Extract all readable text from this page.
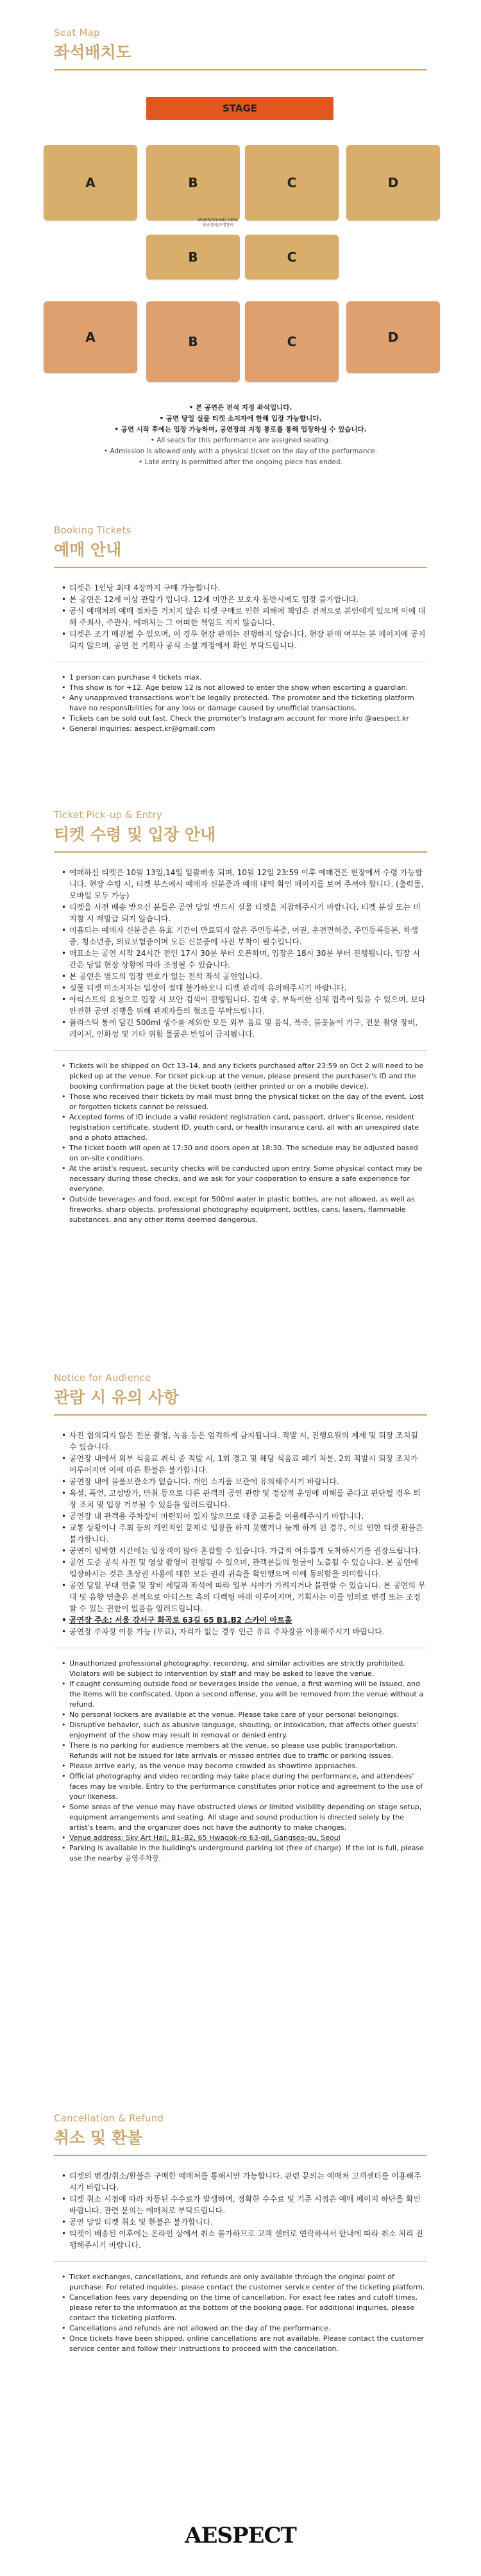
Seat Map
좌석배치도
STAGE
A	B	C	D
MIXER/SOUND_DESK
방송장비/조명장비
B	C
A	B	C	D
• 본 공연은 전석 지정 좌석입니다.
• 공연 당일 실물 티켓 소지자에 한해 입장 가능합니다.
• 공연 시작 후에는 입장 가능하며, 공연장의 지정 통로를 통해 입장하실 수 있습니다.
• All seats for this performance are assigned seating.
• Admission is allowed only with a physical ticket on the day of the performance.
• Late entry is permitted after the ongoing piece has ended.
Booking Tickets
예매 안내
• 티켓은 1인당 최대 4장까지 구매 가능합니다.
• 본 공연은 12세 이상 관람가 입니다. 12세 미만은 보호자 동반시에도 입장 불가합니다.
• 공식 예매처의 예매 절차를 거치지 않은 티켓 구매로 인한 피해에 책임은 전적으로 본인에게 있으며 이에 대해 주최사, 주관사, 예매처는 그 어떠한 책임도 지지 않습니다.
• 티켓은 조기 매진될 수 있으며, 이 경우 현장 판매는 진행하지 않습니다. 현장 판매 여부는 본 페이지에 공지되지 않으며, 공연 전 기획사 공식 소셜 계정에서 확인 부탁드립니다.
• 1 person can purchase 4 tickets max.
• This show is for +12. Age below 12 is not allowed to enter the show when escorting a guardian.
• Any unapproved transactions won't be legally protected. The promoter and the ticketing platform have no responsibilities for any loss or damage caused by unofficial transactions.
• Tickets can be sold out fast. Check the promoter's Instagram account for more info @aespect.kr
• General inquiries: aespect.kr@gmail.com
Ticket Pick-up & Entry
티켓 수령 및 입장 안내
• 예매하신 티켓은 10월 13일,14일 일괄배송 되며, 10월 12일 23:59 이후 예매건은 현장에서 수령 가능합니다. 현장 수령 시, 티켓 부스에서 예매자 신분증과 예매 내역 확인 페이지를 보여 주셔야 합니다. (출력물, 모바일 모두 가능)
• 티켓을 사전 배송 받으신 분들은 공연 당일 반드시 실물 티켓을 지참해주시기 바랍니다. 티켓 분실 또는 미지참 시 재발급 되지 않습니다.
• 미흡되는 예매자 신분증은 유효 기간이 만료되지 않은 주민등록증, 여권, 운전면허증, 주민등록등본, 학생증, 청소년증, 의료보험증이며 모든 신분증에 사진 부착이 필수입니다.
• 매표소는 공연 시작 24시간 전인 17시 30분 부터 오픈하며, 입장은 18시 30분 부터 진행됩니다. 입장 시간은 당일 현장 상황에 따라 조정될 수 있습니다.
• 본 공연은 별도의 입장 번호가 없는 전석 좌석 공연입니다.
• 실물 티켓 미소지자는 입장이 절대 불가하오니 티켓 관리에 유의해주시기 바랍니다.
• 아티스트의 요청으로 입장 시 보안 검색이 진행됩니다. 검색 중, 부득이한 신체 접촉이 있을 수 있으며, 보다 안전한 공연 진행을 위해 관계자들의 협조를 부탁드립니다.
• 플라스틱 통에 담긴 500ml 생수를 제외한 모든 외부 음료 및 음식, 폭죽, 불꽃놀이 기구, 전문 촬영 장비, 레이저, 인화성 및 기타 위험 물품은 반입이 금지됩니다.
• Tickets will be shipped on Oct 13–14, and any tickets purchased after 23:59 on Oct 2 will need to be picked up at the venue. For ticket pick-up at the venue, please present the purchaser's ID and the booking confirmation page at the ticket booth (either printed or on a mobile device).
• Those who received their tickets by mail must bring the physical ticket on the day of the event. Lost or forgotten tickets cannot be reissued.
• Accepted forms of ID include a valid resident registration card, passport, driver's license, resident registration certificate, student ID, youth card, or health insurance card, all with an unexpired date and a photo attached.
• The ticket booth will open at 17:30 and doors open at 18:30. The schedule may be adjusted based on on-site conditions.
• At the artist's request, security checks will be conducted upon entry. Some physical contact may be necessary during these checks, and we ask for your cooperation to ensure a safe experience for everyone.
• Outside beverages and food, except for 500ml water in plastic bottles, are not allowed, as well as fireworks, sharp objects, professional photography equipment, bottles, cans, lasers, flammable substances, and any other items deemed dangerous.
Notice for Audience
관람 시 유의 사항
• 사전 협의되지 않은 전문 촬영, 녹음 등은 엄격하게 금지됩니다. 적발 시, 진행요원의 제재 및 퇴장 조치될 수 있습니다.
• 공연장 내에서 외부 식음료 취식 중 적발 시, 1회 경고 및 해당 식음료 폐기 처분, 2회 적발시 퇴장 조치가 이루어지며 이에 따른 환불은 불가합니다.
• 공연장 내에 물품보관소가 없습니다. 개인 소지품 보관에 유의해주시기 바랍니다.
• 욕설, 폭언, 고성방가, 만취 등으로 다른 관객의 공연 관람 및 정상적 운영에 피해를 준다고 판단될 경우 퇴장 조치 및 입장 거부될 수 있음을 알려드립니다.
• 공연장 내 관객용 주차장이 마련되어 있지 않으므로 대중 교통을 이용해주시기 바랍니다.
• 교통 상황이나 주최 등의 개인적인 문제로 입장을 하지 못했거나 늦게 하게 된 경우, 이로 인한 티켓 환불은 불가합니다.
• 공연이 임박한 시간에는 입장객이 많아 혼잡할 수 있습니다. 가급적 여유롭게 도착하시기를 권장드립니다.
• 공연 도중 공식 사진 및 영상 촬영이 진행될 수 있으며, 관객분들의 얼굴이 노출될 수 있습니다. 본 공연에 입장하시는 것은 초상권 사용에 대한 모든 권리 귀속을 확인했으며 이에 동의함을 의미합니다.
• 공연 당일 무대 연출 및 장비 세팅과 좌석에 따라 일부 시야가 가려지거나 불편할 수 있습니다. 본 공연의 무대 및 음향 연출은 전적으로 아티스트 측의 디렉팅 아래 이루어지며, 기획사는 이를 임의로 변경 또는 조정할 수 있는 권한이 없음을 알려드립니다.
• 공연장 주소: 서울 강서구 화곡로 63길 65 B1,B2 스카이 아트홀
• 공연장 주차장 이용 가능 (무료), 자리가 없는 경우 인근 유료 주차장을 이용해주시기 바랍니다.
• Unauthorized professional photography, recording, and similar activities are strictly prohibited. Violators will be subject to intervention by staff and may be asked to leave the venue.
• If caught consuming outside food or beverages inside the venue, a first warning will be issued, and the items will be confiscated. Upon a second offense, you will be removed from the venue without a refund.
• No personal lockers are available at the venue. Please take care of your personal belongings.
• Disruptive behavior, such as abusive language, shouting, or intoxication, that affects other guests' enjoyment of the show may result in removal or denied entry.
• There is no parking for audience members at the venue, so please use public transportation. Refunds will not be issued for late arrivals or missed entries due to traffic or parking issues.
• Please arrive early, as the venue may become crowded as showtime approaches.
• Official photography and video recording may take place during the performance, and attendees' faces may be visible. Entry to the performance constitutes prior notice and agreement to the use of your likeness.
• Some areas of the venue may have obstructed views or limited visibility depending on stage setup, equipment arrangements and seating. All stage and sound production is directed solely by the artist's team, and the organizer does not have the authority to make changes.
• Venue address: Sky Art Hall, B1–B2, 65 Hwagok-ro 63-gil, Gangseo-gu, Seoul
• Parking is available in the building's underground parking lot (free of charge). If the lot is full, please use the nearby 공영주차장.
Cancellation & Refund
취소 및 환불
• 티켓의 변경/취소/환불은 구매한 예매처를 통해서만 가능합니다. 관련 문의는 예매처 고객센터를 이용해주시기 바랍니다.
• 티켓 취소 시점에 따라 차등된 수수료가 발생하며, 정확한 수수료 및 기준 시점은 예매 페이지 하단을 확인 바랍니다. 관련 문의는 예매처로 부탁드립니다.
• 공연 당일 티켓 취소 및 환불은 불가합니다.
• 티켓이 배송된 이후에는 온라인 상에서 취소 불가하므로 고객 센터로 연락하셔서 안내에 따라 취소 처리 진행해주시기 바랍니다.
• Ticket exchanges, cancellations, and refunds are only available through the original point of purchase. For related inquiries, please contact the customer service center of the ticketing platform.
• Cancellation fees vary depending on the time of cancellation. For exact fee rates and cutoff times, please refer to the information at the bottom of the booking page. For additional inquiries, please contact the ticketing platform.
• Cancellations and refunds are not allowed on the day of the performance.
• Once tickets have been shipped, online cancellations are not available. Please contact the customer service center and follow their instructions to proceed with the cancellation.
AESPECT
